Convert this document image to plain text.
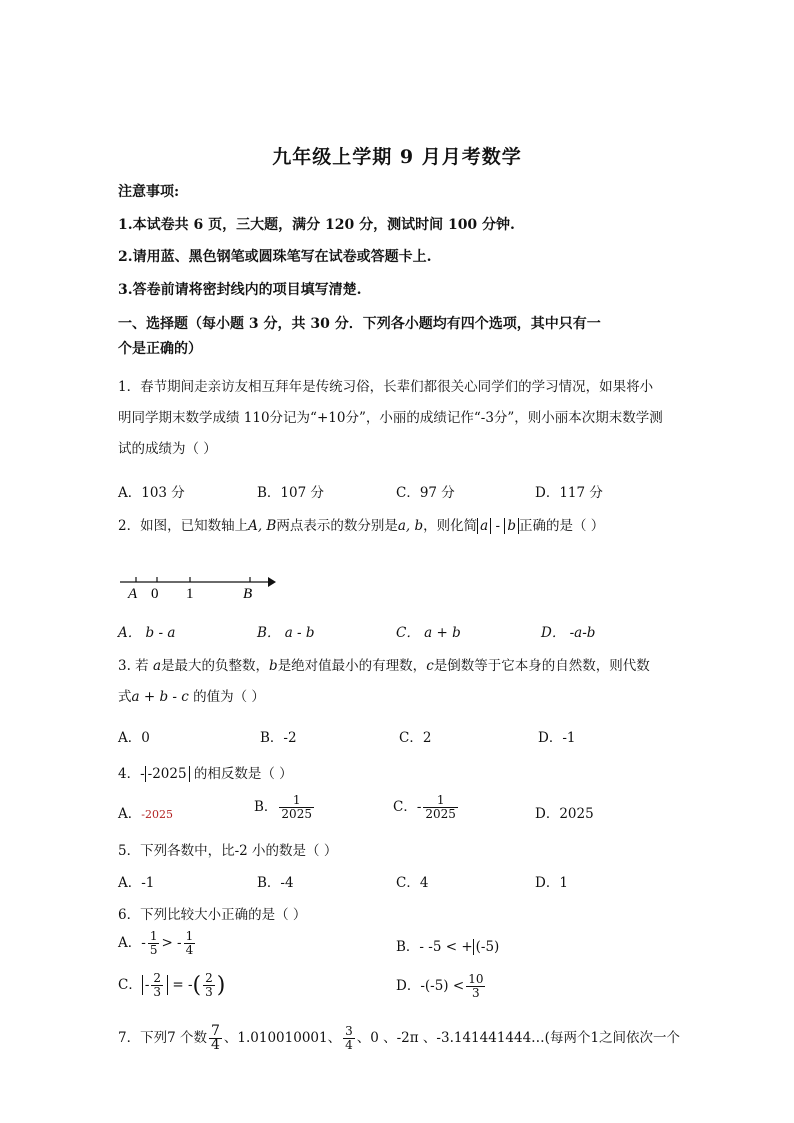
九年级上学期 9 月月考数学
注意事项:
1.本试卷共 6 页，三大题，满分 120 分，测试时间 100 分钟.
2.请用蓝、黑色钢笔或圆珠笔写在试卷或答题卡上.
3.答卷前请将密封线内的项目填写清楚.
一、选择题（每小题 3 分，共 30 分．下列各小题均有四个选项，其中只有一
个是正确的）
1．春节期间走亲访友相互拜年是传统习俗，长辈们都很关心同学们的学习情况，如果将小
明同学期末数学成绩 110分记为“+10分”，小丽的成绩记作“-3分”，则小丽本次期末数学测
试的成绩为（ ）
A．103 分	B．107 分	C．97 分	D．117 分
2．如图，已知数轴上A, B两点表示的数分别是a, b，则化简 a - b 正确的是（ ）
A 0 1	B
A． b - a	B． a - b	C． a + b	D． -a-b
3. 若 a是最大的负整数，b是绝对值最小的有理数，c是倒数等于它本身的自然数，则代数
式a + b - c 的值为（ ）
A．0	B．-2	C．2	D．-1
4．- -2025 的相反数是（ ）
A．-2025	B． $\frac{1}{2025}$	C．- $\frac{1}{2025}$	D．2025
5．下列各数中，比-2 小的数是（ ）
A．-1	B．-4	C．4	D．1
6．下列比较大小正确的是（ ）
A．- $\frac{1}{5}$ > - $\frac{1}{4}$	B．- -5 < + (-5)
C． - $\frac{2}{3}$ = -( $\frac{2}{3}$ )	D．$-(-5) < \frac{10}{3}$
7．下列7 个数 $\frac{7}{4}$ 、1.010010001、 $\frac{3}{4}$ 、0 、-2π 、-3.141441444…(每两个1之间依次一个
